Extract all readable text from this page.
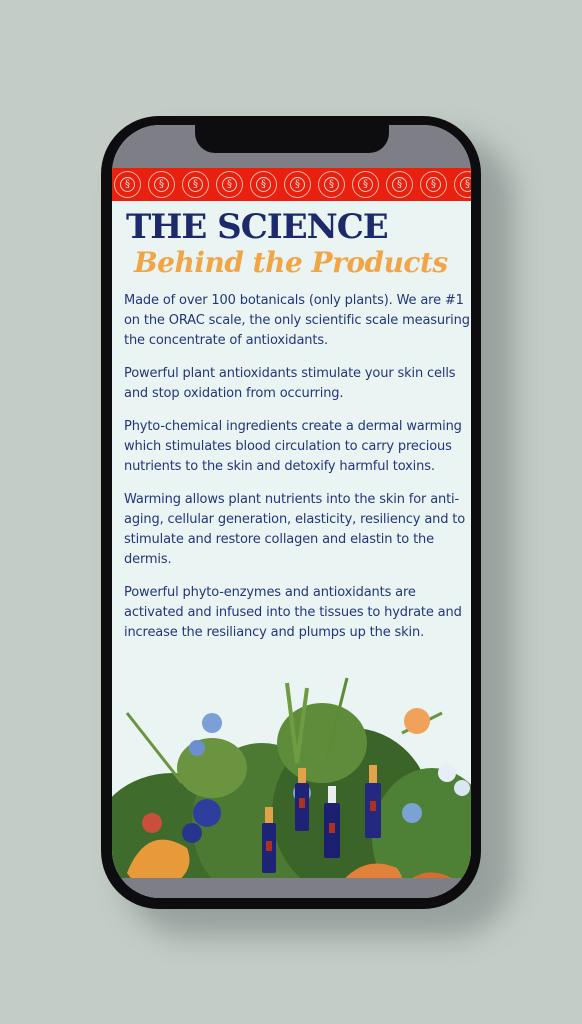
§	§	§	§	§	§	§	§	§	§	§
THE SCIENCE
Behind the Products

Made of over 100 botanicals (only plants). We are #1 on the ORAC scale, the only scientific scale measuring the concentrate of antioxidants.

Powerful plant antioxidants stimulate your skin cells and stop oxidation from occurring.

Phyto-chemical ingredients create a dermal warming which stimulates blood circulation to carry precious nutrients to the skin and detoxify harmful toxins.

Warming allows plant nutrients into the skin for anti-aging, cellular generation, elasticity, resiliency and to stimulate and restore collagen and elastin to the dermis.

Powerful phyto-enzymes and antioxidants are activated and infused into the tissues to hydrate and increase the resiliancy and plumps up the skin.
